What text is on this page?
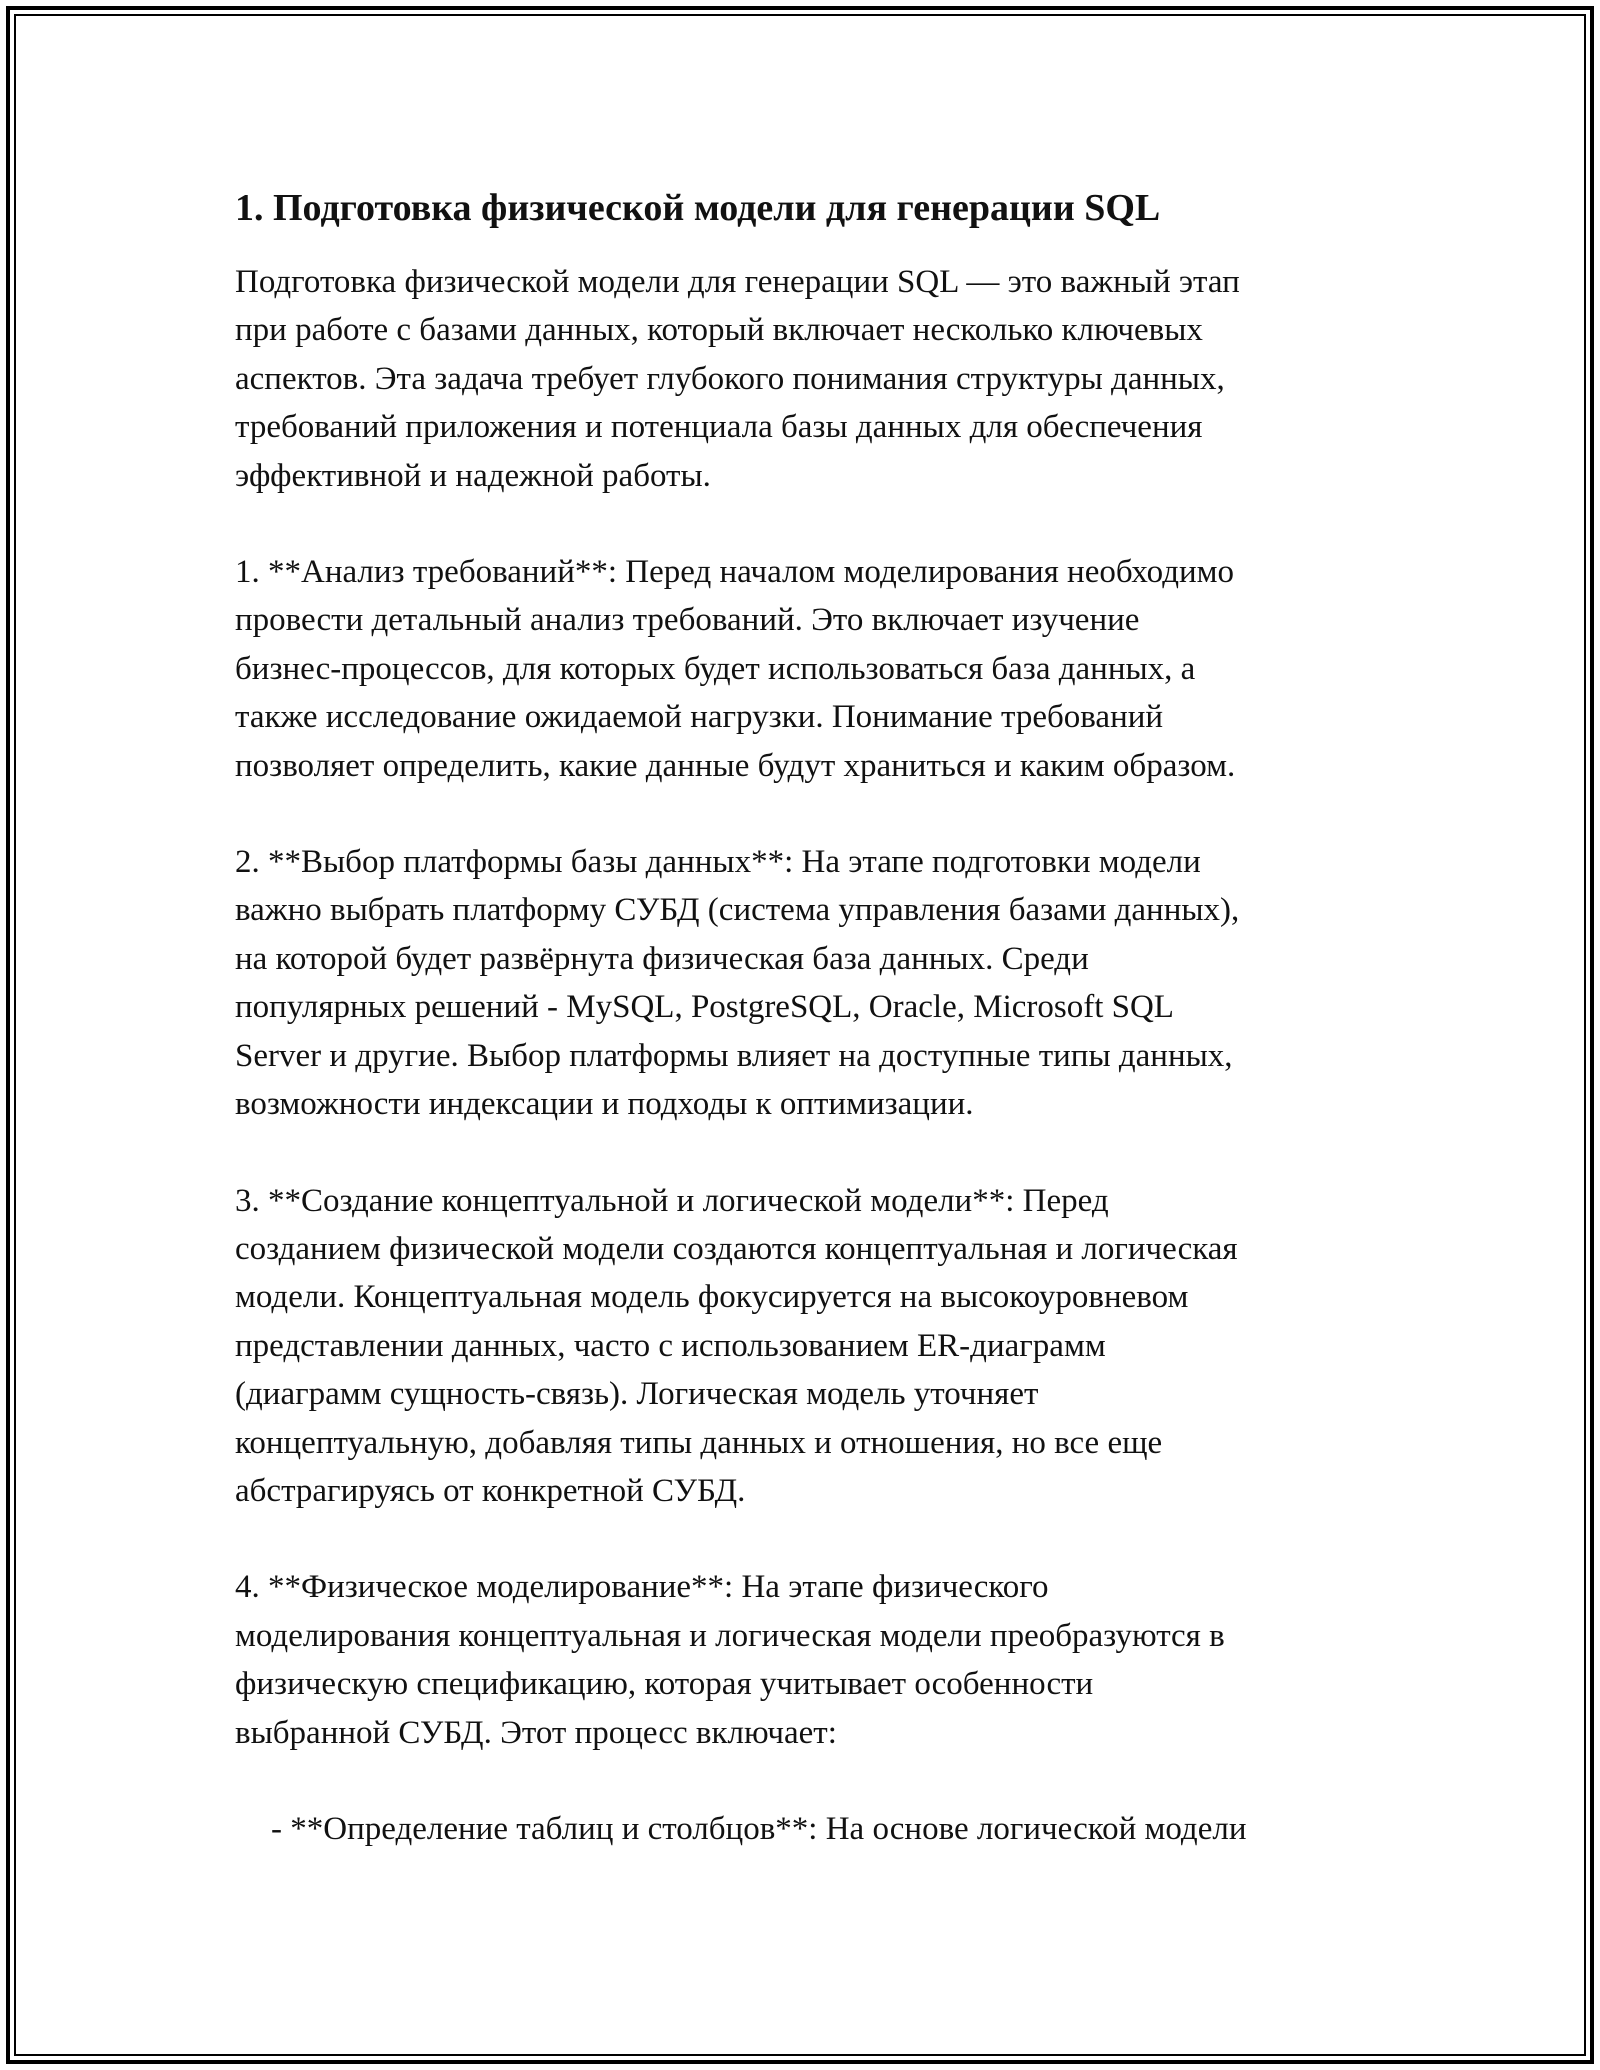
1. Подготовка физической модели для генерации SQL

Подготовка физической модели для генерации SQL — это важный этап
при работе с базами данных, который включает несколько ключевых
аспектов. Эта задача требует глубокого понимания структуры данных,
требований приложения и потенциала базы данных для обеспечения
эффективной и надежной работы.

1. **Анализ требований**: Перед началом моделирования необходимо
провести детальный анализ требований. Это включает изучение
бизнес-процессов, для которых будет использоваться база данных, а
также исследование ожидаемой нагрузки. Понимание требований
позволяет определить, какие данные будут храниться и каким образом.

2. **Выбор платформы базы данных**: На этапе подготовки модели
важно выбрать платформу СУБД (система управления базами данных),
на которой будет развёрнута физическая база данных. Среди
популярных решений - MySQL, PostgreSQL, Oracle, Microsoft SQL
Server и другие. Выбор платформы влияет на доступные типы данных,
возможности индексации и подходы к оптимизации.

3. **Создание концептуальной и логической модели**: Перед
созданием физической модели создаются концептуальная и логическая
модели. Концептуальная модель фокусируется на высокоуровневом
представлении данных, часто с использованием ER-диаграмм
(диаграмм сущность-связь). Логическая модель уточняет
концептуальную, добавляя типы данных и отношения, но все еще
абстрагируясь от конкретной СУБД.

4. **Физическое моделирование**: На этапе физического
моделирования концептуальная и логическая модели преобразуются в
физическую спецификацию, которая учитывает особенности
выбранной СУБД. Этот процесс включает:

- **Определение таблиц и столбцов**: На основе логической модели
